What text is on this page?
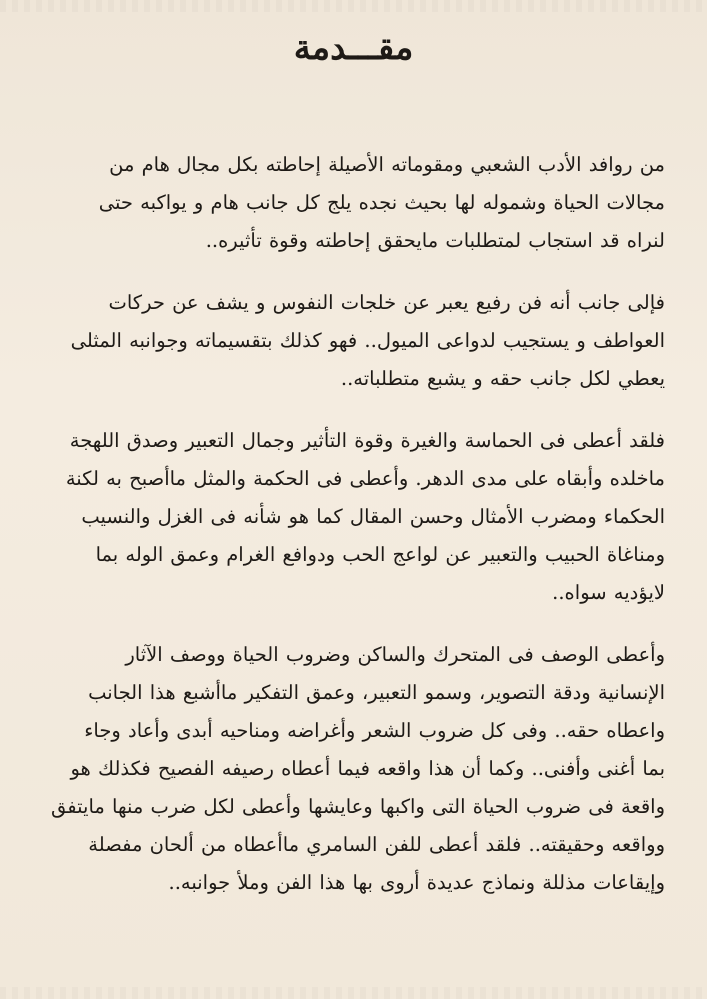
مقـــدمة
من روافد الأدب الشعبي ومقوماته الأصيلة إحاطته بكل مجال هام من
مجالات الحياة وشموله لها بحيث نجده يلج كل جانب هام و يواكبه حتى
لنراه قد استجاب لمتطلبات مايحقق إحاطته وقوة تأثيره..
فإلى جانب أنه فن رفيع يعبر عن خلجات النفوس و يشف عن حركات
العواطف و يستجيب لدواعى الميول.. فهو كذلك بتقسيماته وجوانبه المثلى
يعطي لكل جانب حقه و يشبع متطلباته..
فلقد أعطى فى الحماسة والغيرة وقوة التأثير وجمال التعبير وصدق اللهجة
ماخلده وأبقاه على مدى الدهر. وأعطى فى الحكمة والمثل ماأصبح به لكنة
الحكماء ومضرب الأمثال وحسن المقال كما هو شأنه فى الغزل والنسيب
ومناغاة الحبيب والتعبير عن لواعج الحب ودوافع الغرام وعمق الوله بما
لايؤديه سواه..
وأعطى الوصف فى المتحرك والساكن وضروب الحياة ووصف الآثار
الإنسانية ودقة التصوير، وسمو التعبير، وعمق التفكير ماأشبع هذا الجانب
واعطاه حقه.. وفى كل ضروب الشعر وأغراضه ومناحيه أبدى وأعاد وجاء
بما أغنى وأفنى.. وكما أن هذا واقعه فيما أعطاه رصيفه الفصيح فكذلك هو
واقعة فى ضروب الحياة التى واكبها وعايشها وأعطى لكل ضرب منها مايتفق
وواقعه وحقيقته.. فلقد أعطى للفن السامري ماأعطاه من ألحان مفصلة
وإيقاعات مذللة ونماذج عديدة أروى بها هذا الفن وملأ جوانبه..
